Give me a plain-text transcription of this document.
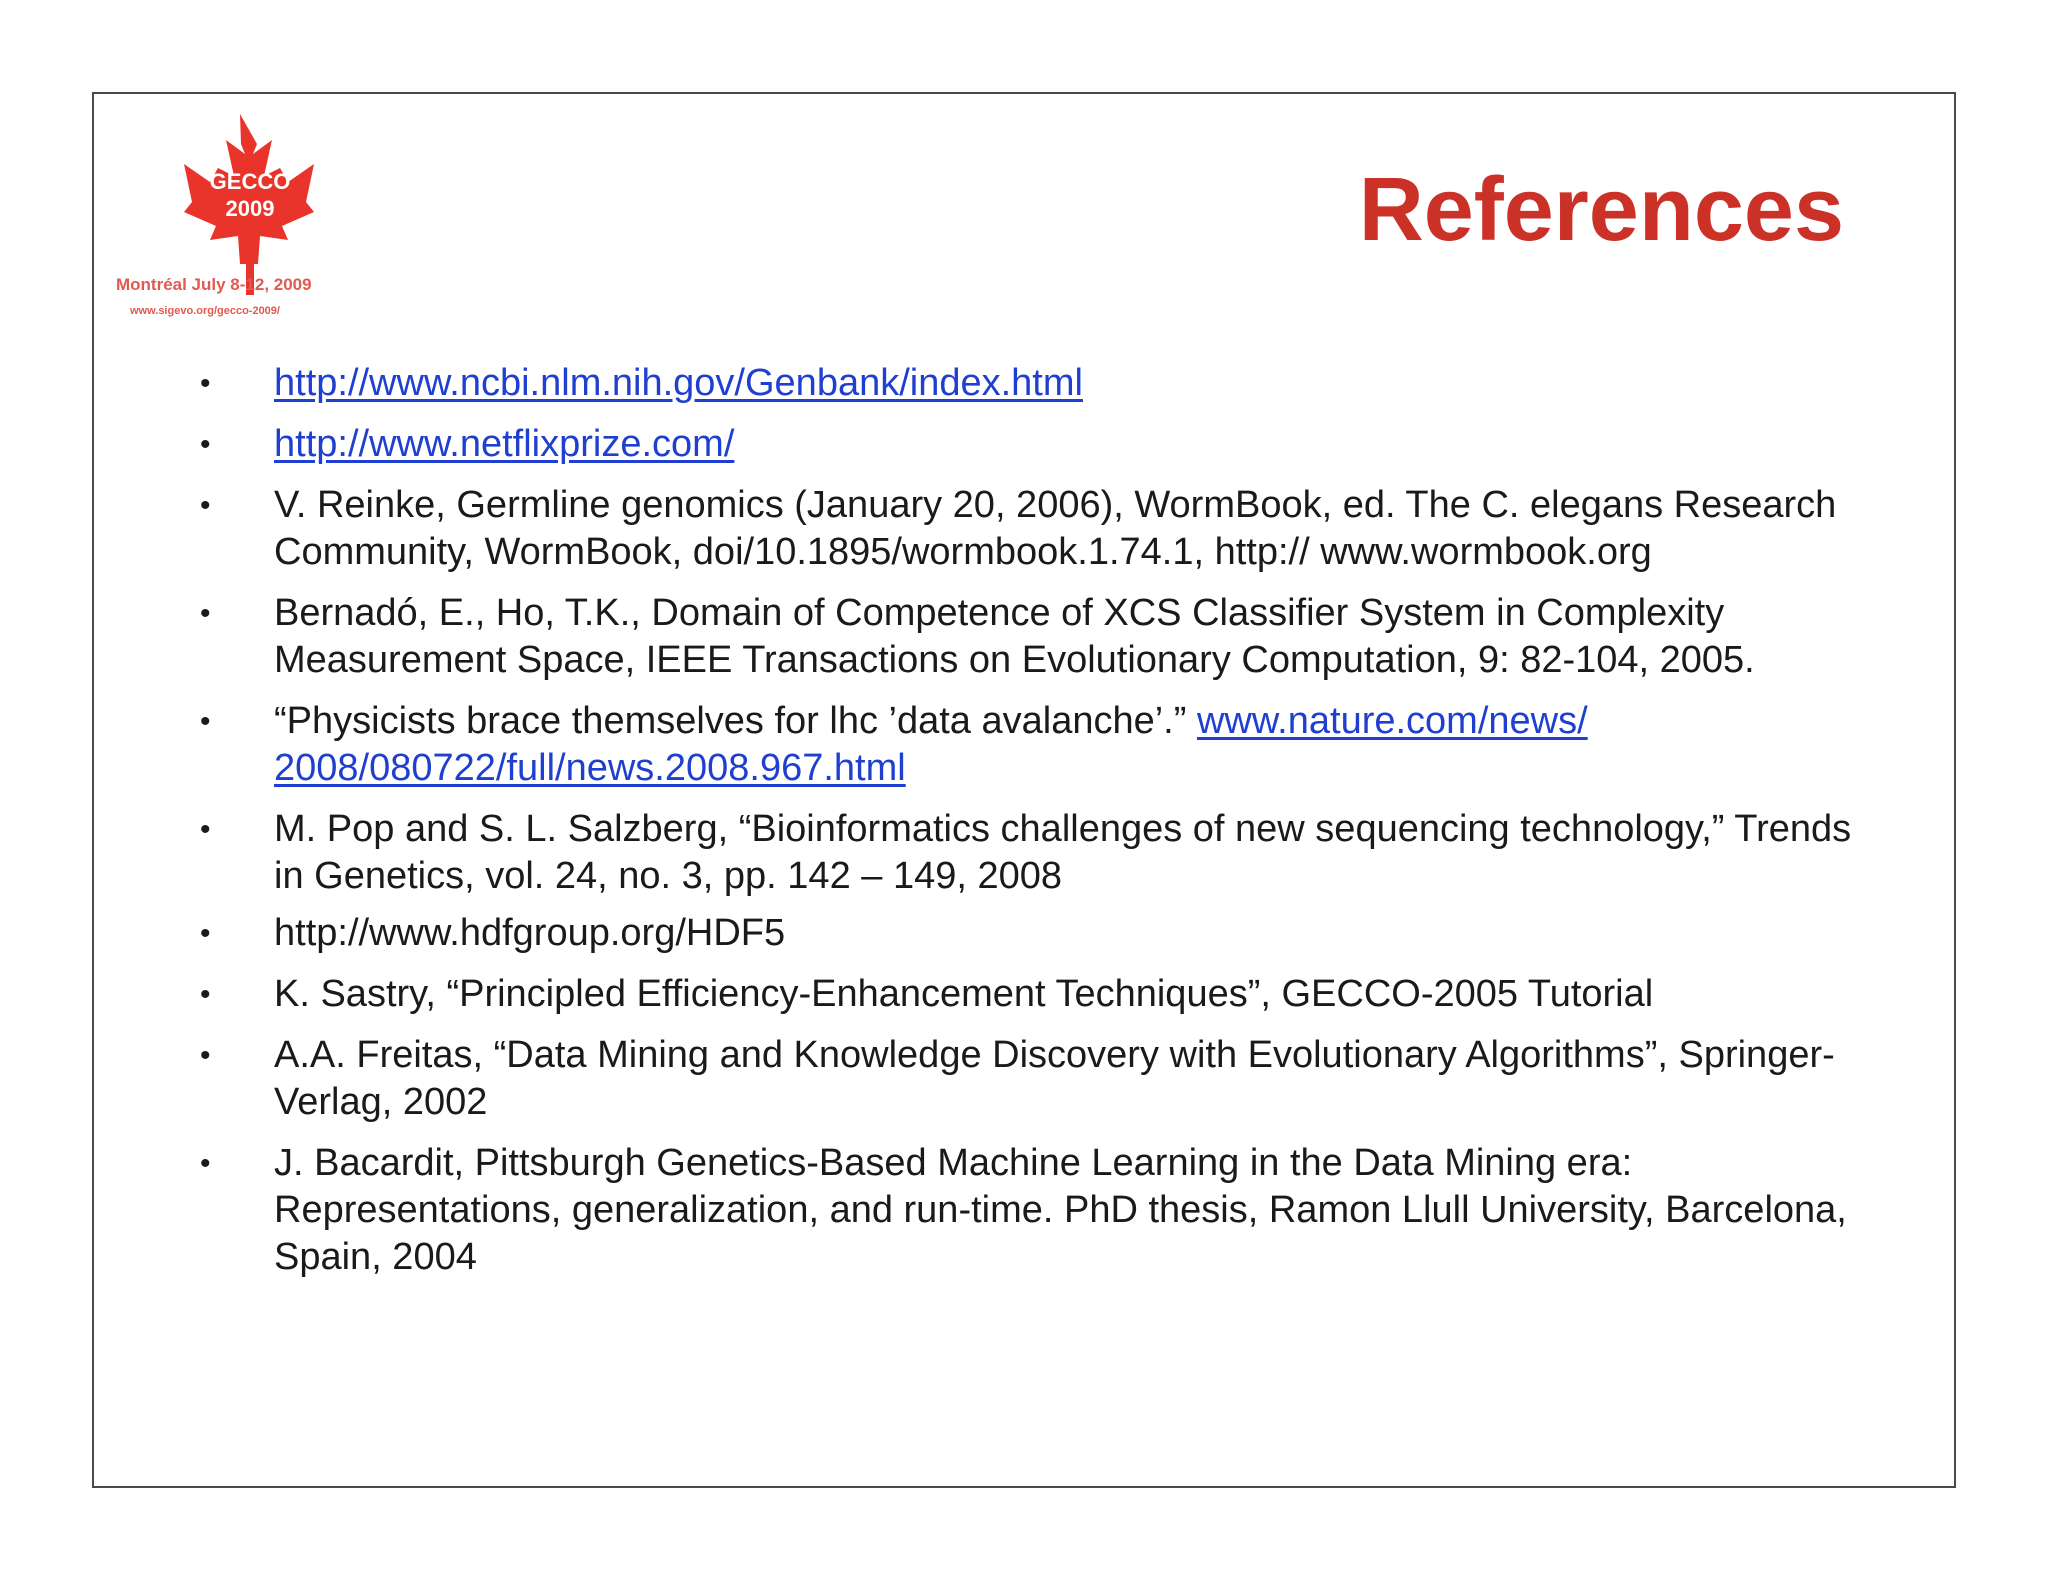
GECCO
2009
Montréal July 8-12, 2009
www.sigevo.org/gecco-2009/
References
• http://www.ncbi.nlm.nih.gov/Genbank/index.html
• http://www.netflixprize.com/
• V. Reinke, Germline genomics (January 20, 2006), WormBook, ed. The C. elegans Research Community, WormBook, doi/10.1895/wormbook.1.74.1, http:// www.wormbook.org
• Bernadó, E., Ho, T.K., Domain of Competence of XCS Classifier System in Complexity Measurement Space, IEEE Transactions on Evolutionary Computation, 9: 82-104, 2005.
• “Physicists brace themselves for lhc ’data avalanche’.” www.nature.com/news/ 2008/080722/full/news.2008.967.html
• M. Pop and S. L. Salzberg, “Bioinformatics challenges of new sequencing technology,” Trends in Genetics, vol. 24, no. 3, pp. 142 – 149, 2008
• http://www.hdfgroup.org/HDF5
• K. Sastry, “Principled Efficiency-Enhancement Techniques”, GECCO-2005 Tutorial
• A.A. Freitas, “Data Mining and Knowledge Discovery with Evolutionary Algorithms”, Springer-Verlag, 2002
• J. Bacardit, Pittsburgh Genetics-Based Machine Learning in the Data Mining era: Representations, generalization, and run-time. PhD thesis, Ramon Llull University, Barcelona, Spain, 2004
